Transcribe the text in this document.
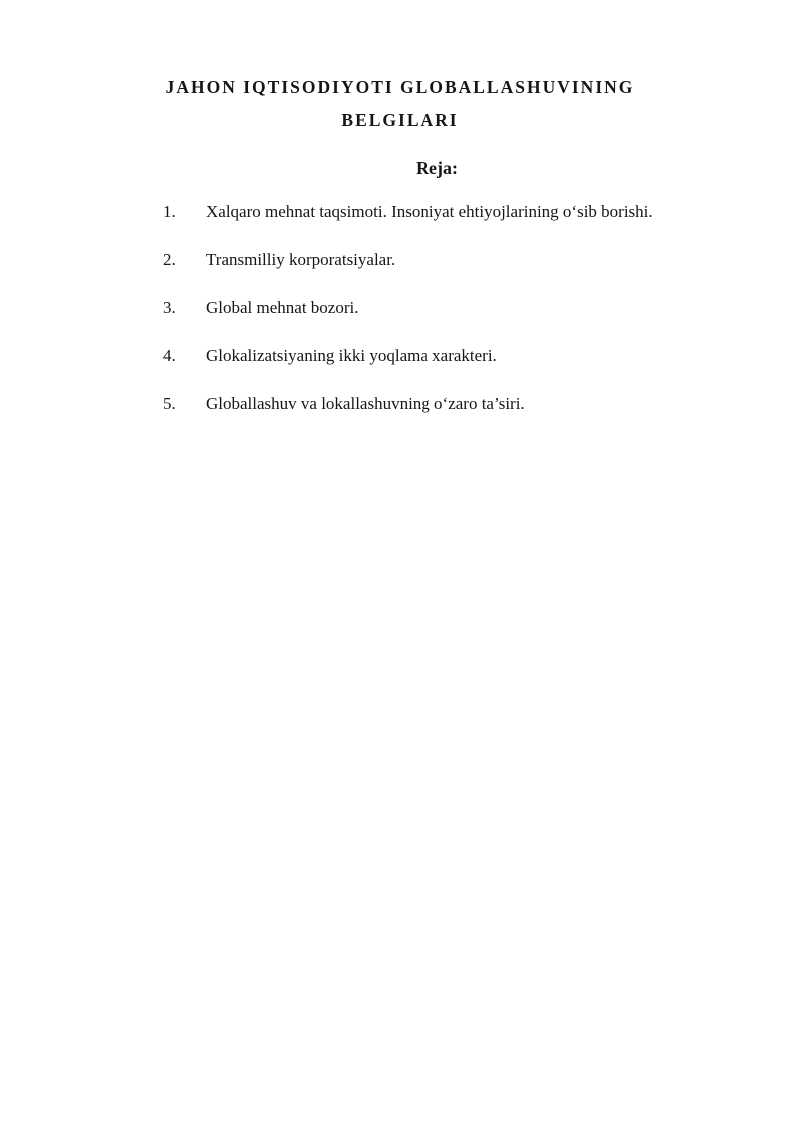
JAHON IQTISODIYOTI GLOBALLASHUVINING
BELGILARI
Reja:
1.	Xalqaro mehnat taqsimoti. Insoniyat ehtiyojlarining o‘sib borishi.
2.	Transmilliy korporatsiyalar.
3.	Global mehnat bozori.
4.	Glokalizatsiyaning ikki yoqlama xarakteri.
5.	Globallashuv va lokallashuvning o‘zaro ta’siri.
